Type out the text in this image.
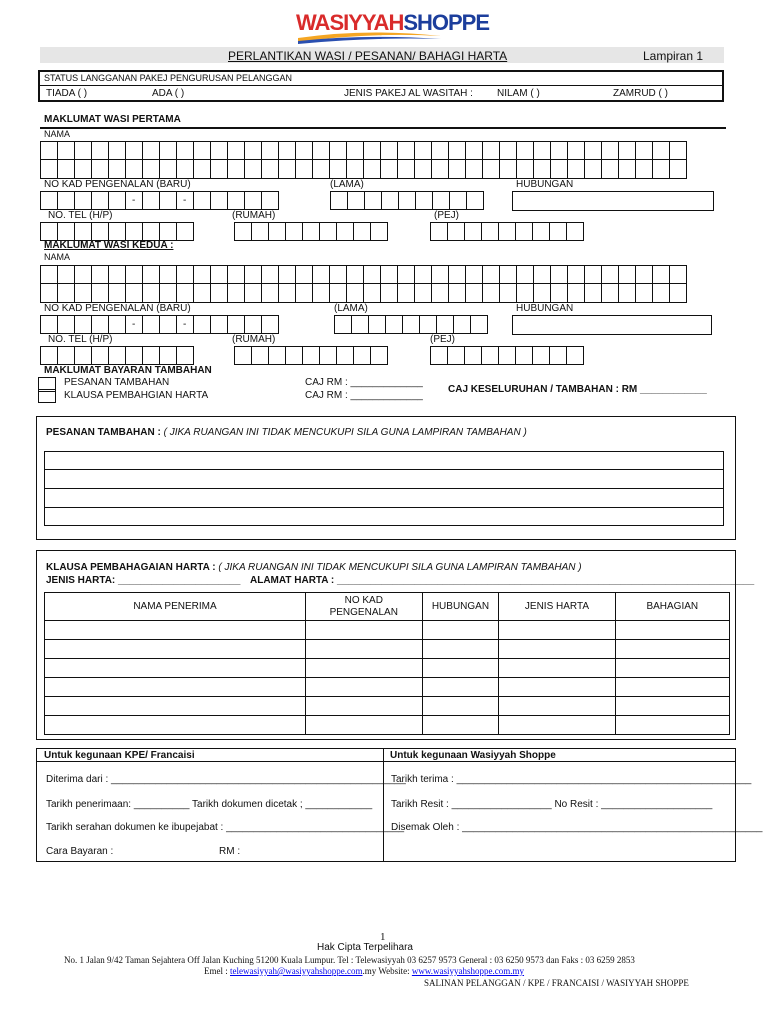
WASIYYAHSHOPPE
PERLANTIKAN WASI / PESANAN/ BAHAGI HARTA	Lampiran 1
STATUS LANGGANAN PAKEJ PENGURUSAN PELANGGAN
TIADA ( )	ADA ( )	JENIS PAKEJ AL WASITAH : NILAM ( )	ZAMRUD ( )
MAKLUMAT WASI PERTAMA
NAMA
NO KAD PENGENALAN (BARU)	(LAMA)	HUBUNGAN
-	-
NO. TEL (H/P)	(RUMAH)	(PEJ)
MAKLUMAT WASI KEDUA :
NAMA
NO KAD PENGENALAN (BARU)	(LAMA)	HUBUNGAN
-	-
NO. TEL (H/P)	(RUMAH)	(PEJ)
MAKLUMAT BAYARAN TAMBAHAN
PESANAN TAMBAHAN
KLAUSA PEMBAHGIAN HARTA
CAJ RM : _____________
CAJ RM : _____________
CAJ KESELURUHAN / TAMBAHAN : RM ____________
PESANAN TAMBAHAN : ( JIKA RUANGAN INI TIDAK MENCUKUPI SILA GUNA LAMPIRAN TAMBAHAN )
KLAUSA PEMBAHAGAIAN HARTA : ( JIKA RUANGAN INI TIDAK MENCUKUPI SILA GUNA LAMPIRAN TAMBAHAN )
JENIS HARTA: ______________________ ALAMAT HARTA : ___________________________________________________________________________
NAMA PENERIMA	NO KAD
PENGENALAN	HUBUNGAN	JENIS HARTA	BAHAGIAN

Untuk kegunaan KPE/ Francaisi	Untuk kegunaan Wasiyyah Shoppe
Diterima dari : _____________________________________________________
Tarikh penerimaan: __________ Tarikh dokumen dicetak ; ____________
Tarikh serahan dokumen ke ibupejabat : ________________________________
Cara Bayaran :	RM :
Tarikh terima : _____________________________________________________
Tarikh Resit : __________________ No Resit : ____________________
Disemak Oleh : ______________________________________________________
1
Hak Cipta Terpelihara
No. 1 Jalan 9/42 Taman Sejahtera Off Jalan Kuching 51200 Kuala Lumpur. Tel : Telewasiyyah 03 6257 9573 General : 03 6250 9573 dan Faks : 03 6259 2853
Emel : telewasiyyah@wasiyyahshoppe.com.my Website: www.wasiyyahshoppe.com.my
SALINAN PELANGGAN / KPE / FRANCAISI / WASIYYAH SHOPPE
